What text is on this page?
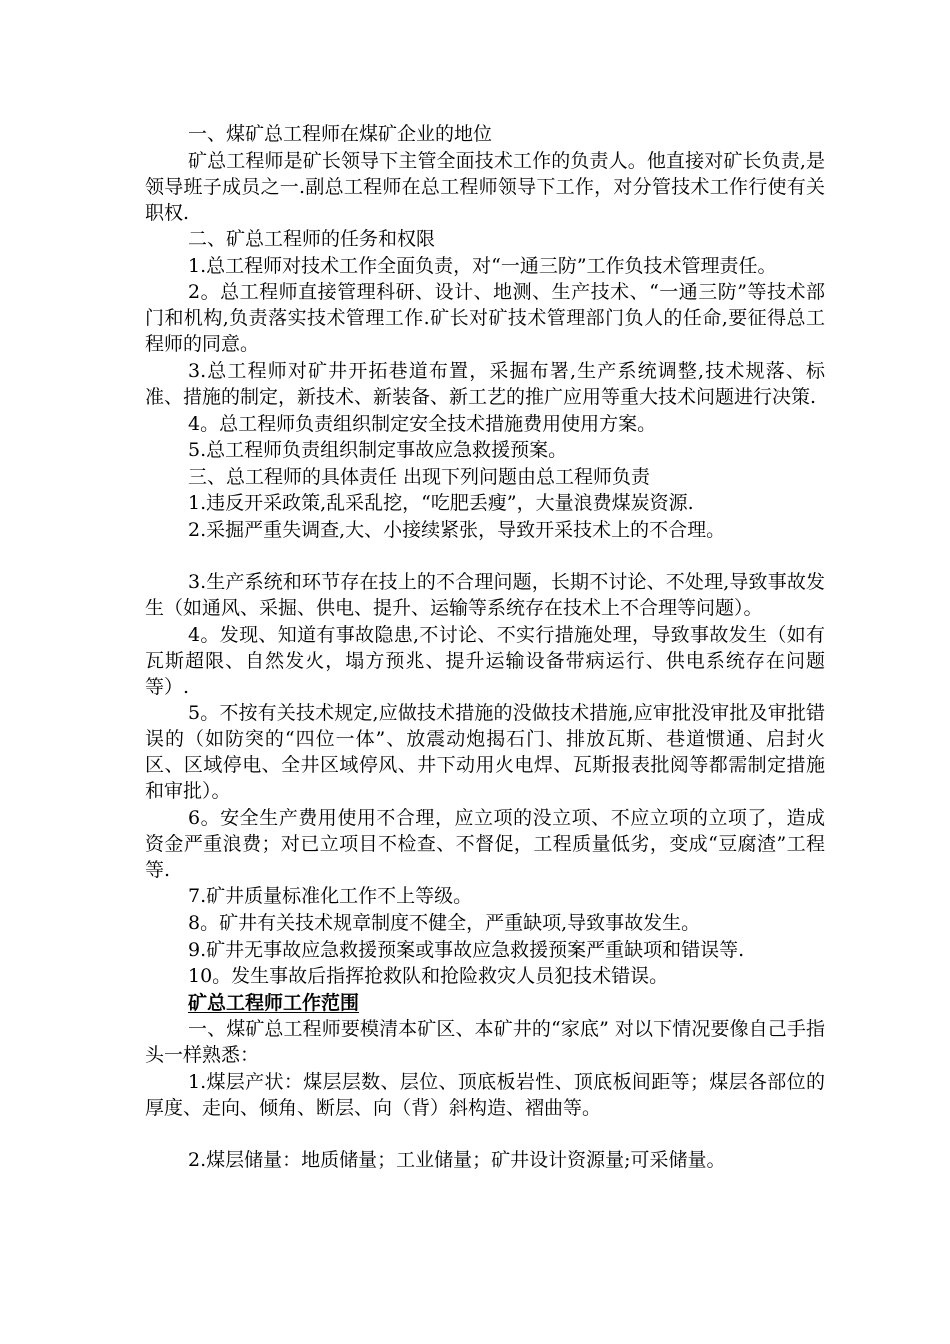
一、煤矿总工程师在煤矿企业的地位

矿总工程师是矿长领导下主管全面技术工作的负责人。他直接对矿长负责,是领导班子成员之一.副总工程师在总工程师领导下工作，对分管技术工作行使有关职权.

二、矿总工程师的任务和权限

1.总工程师对技术工作全面负责，对“一通三防”工作负技术管理责任。

2。总工程师直接管理科研、设计、地测、生产技术、“一通三防”等技术部门和机构,负责落实技术管理工作.矿长对矿技术管理部门负人的任命,要征得总工程师的同意。

3.总工程师对矿井开拓巷道布置，采掘布署,生产系统调整,技术规落、标准、措施的制定，新技术、新装备、新工艺的推广应用等重大技术问题进行决策.

4。总工程师负责组织制定安全技术措施费用使用方案。

5.总工程师负责组织制定事故应急救援预案。

三、总工程师的具体责任 出现下列问题由总工程师负责

1.违反开采政策,乱采乱挖，“吃肥丢瘦”，大量浪费煤炭资源.

2.采掘严重失调查,大、小接续紧张，导致开采技术上的不合理。

3.生产系统和环节存在技上的不合理问题，长期不讨论、不处理,导致事故发生（如通风、采掘、供电、提升、运输等系统存在技术上不合理等问题）。

4。发现、知道有事故隐患,不讨论、不实行措施处理，导致事故发生（如有瓦斯超限、自然发火，塌方预兆、提升运输设备带病运行、供电系统存在问题等）.

5。不按有关技术规定,应做技术措施的没做技术措施,应审批没审批及审批错误的（如防突的“四位一体”、放震动炮揭石门、排放瓦斯、巷道惯通、启封火区、区域停电、全井区域停风、井下动用火电焊、瓦斯报表批阅等都需制定措施和审批）。

6。安全生产费用使用不合理，应立项的没立项、不应立项的立项了，造成资金严重浪费；对已立项目不检查、不督促，工程质量低劣，变成“豆腐渣”工程等.

7.矿井质量标准化工作不上等级。

8。矿井有关技术规章制度不健全，严重缺项,导致事故发生。

9.矿井无事故应急救援预案或事故应急救援预案严重缺项和错误等.

10。发生事故后指挥抢救队和抢险救灾人员犯技术错误。

矿总工程师工作范围

一、煤矿总工程师要模清本矿区、本矿井的“家底” 对以下情况要像自己手指头一样熟悉：

1.煤层产状：煤层层数、层位、顶底板岩性、顶底板间距等；煤层各部位的厚度、走向、倾角、断层、向（背）斜构造、褶曲等。

2.煤层储量：地质储量；工业储量；矿井设计资源量;可采储量。
